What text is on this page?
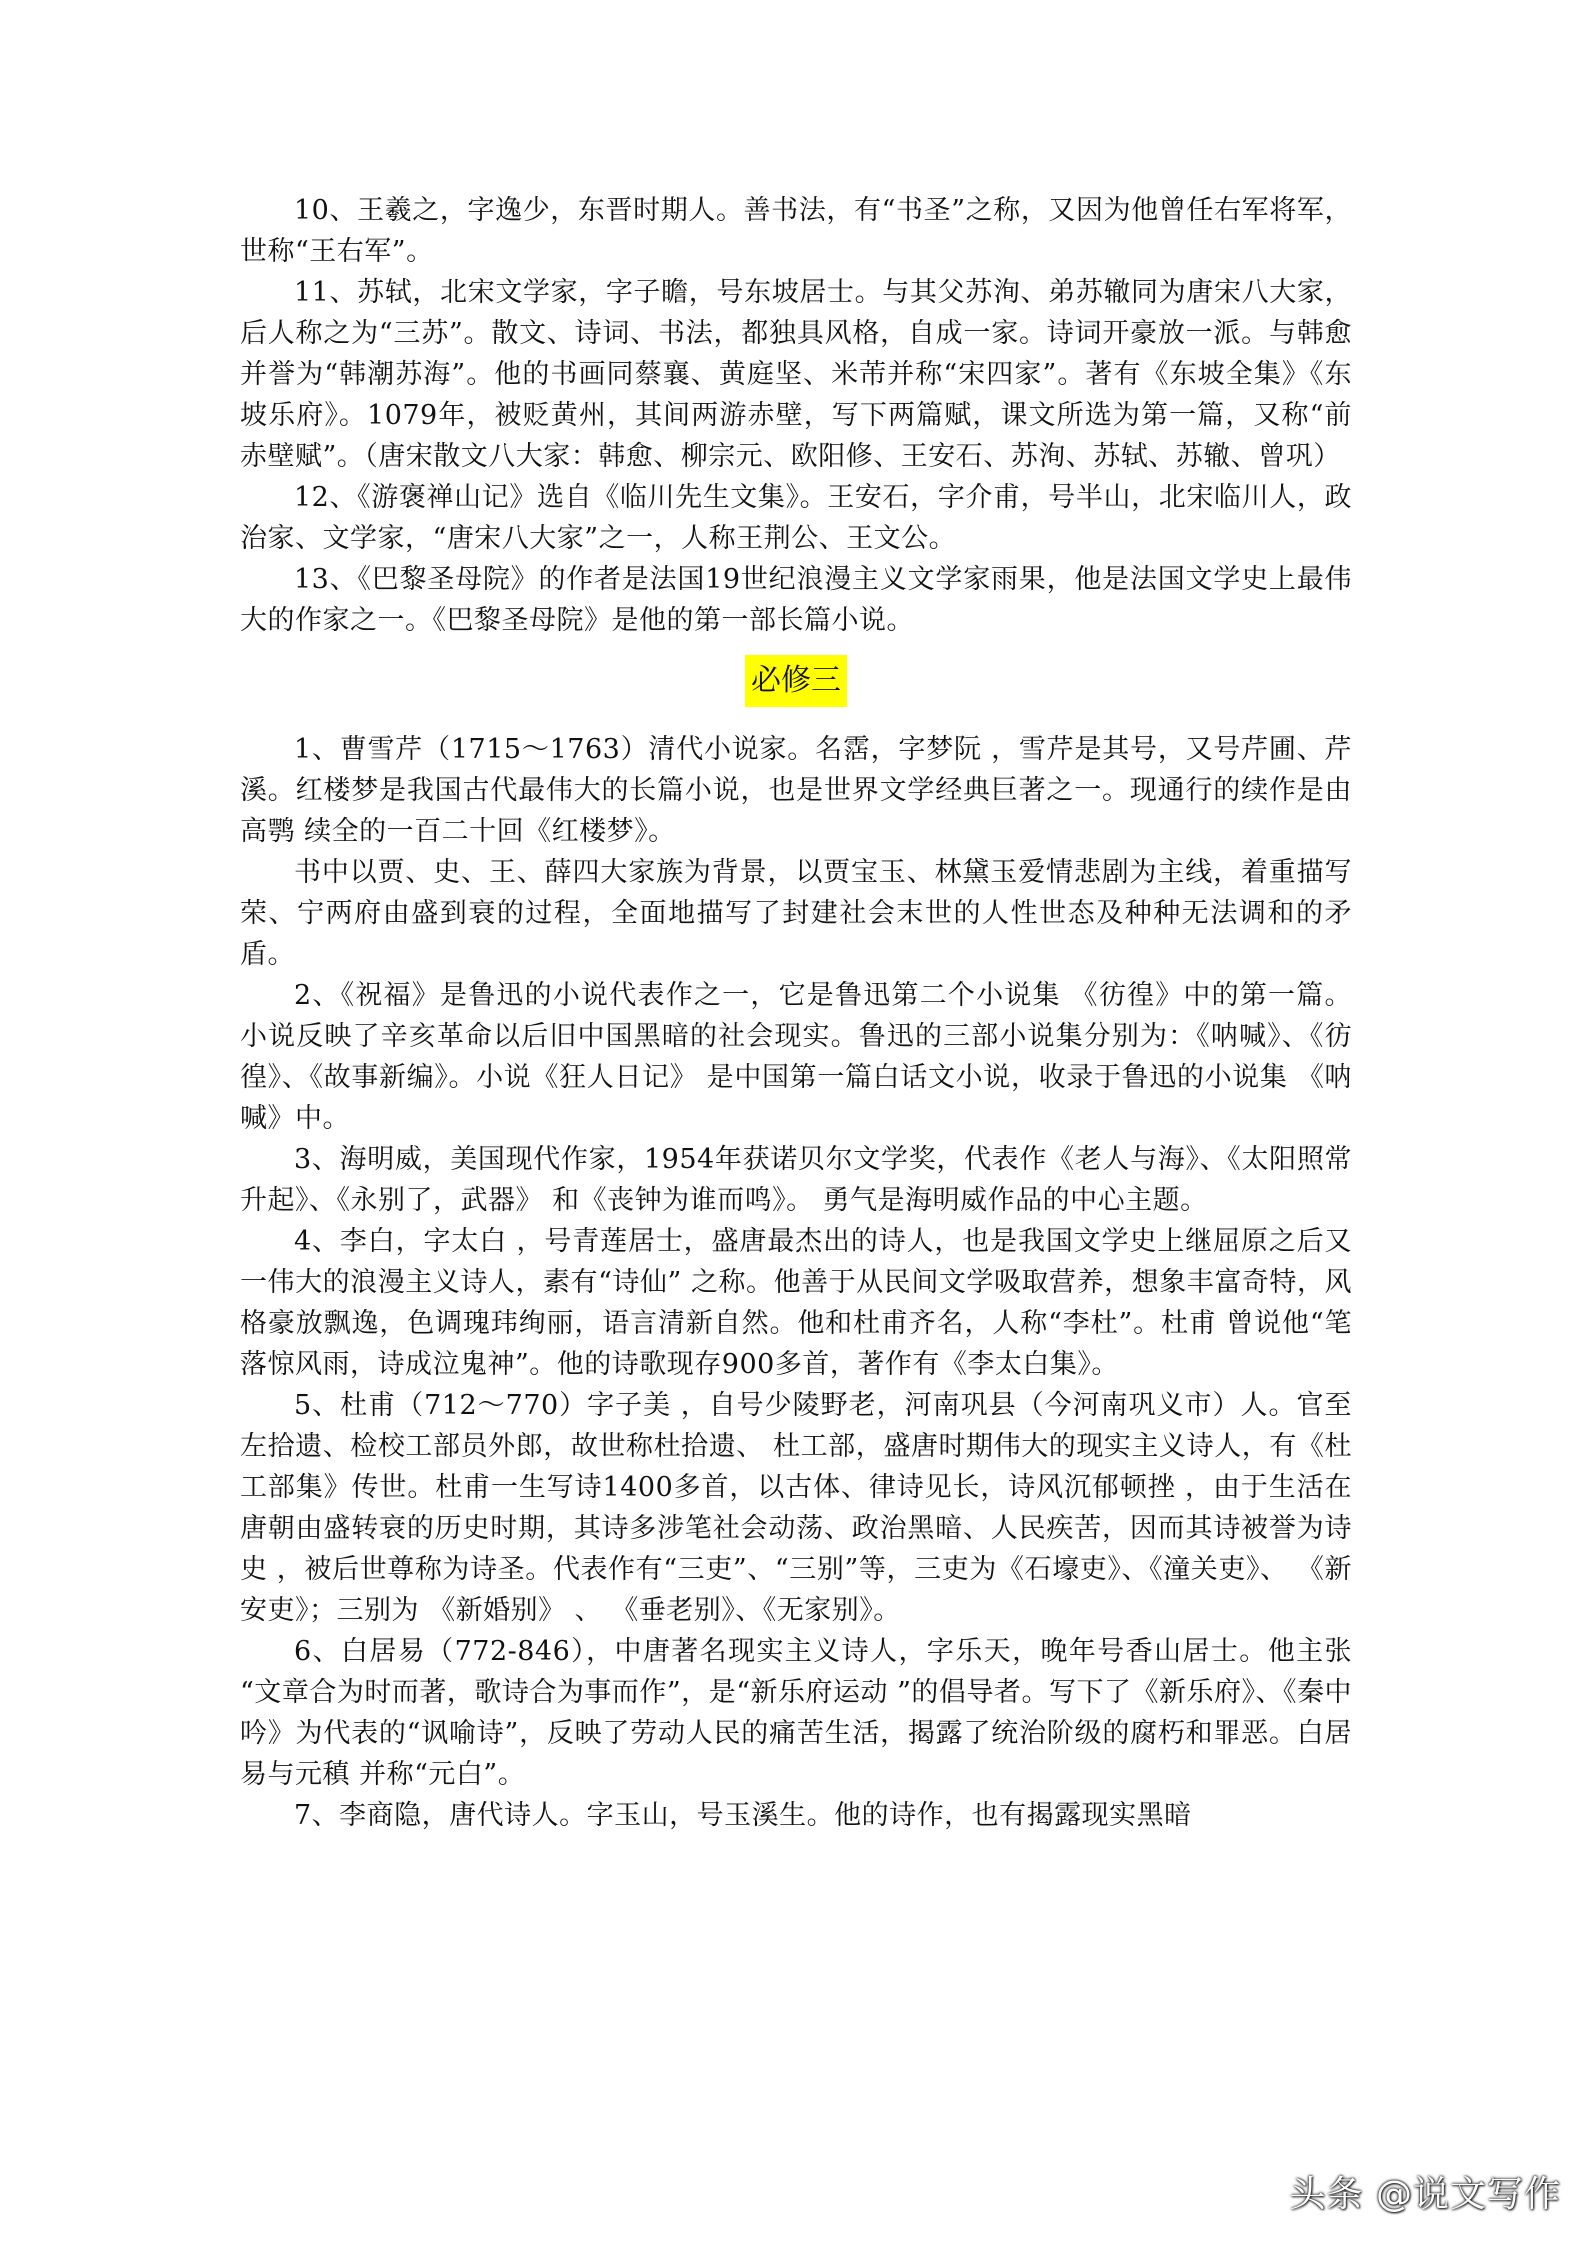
10、王羲之，字逸少，东晋时期人。善书法，有“书圣”之称，又因为他曾任右军将军，世称“王右军”。

11、苏轼，北宋文学家，字子瞻，号东坡居士。与其父苏洵、弟苏辙同为唐宋八大家，后人称之为“三苏”。散文、诗词、书法，都独具风格，自成一家。诗词开豪放一派。与韩愈并誉为“韩潮苏海”。他的书画同蔡襄、黄庭坚、米芾并称“宋四家”。著有《东坡全集》《东坡乐府》。1079年，被贬黄州，其间两游赤壁，写下两篇赋，课文所选为第一篇，又称“前赤壁赋”。（唐宋散文八大家：韩愈、柳宗元、欧阳修、王安石、苏洵、苏轼、苏辙、曾巩）

12、《游褒禅山记》选自《临川先生文集》。王安石，字介甫，号半山，北宋临川人，政治家、文学家，“唐宋八大家”之一，人称王荆公、王文公。

13、《巴黎圣母院》的作者是法国19世纪浪漫主义文学家雨果，他是法国文学史上最伟大的作家之一。《巴黎圣母院》是他的第一部长篇小说。

必修三

1、曹雪芹（1715～1763）清代小说家。名霑，字梦阮 ，雪芹是其号，又号芹圃、芹溪。红楼梦是我国古代最伟大的长篇小说，也是世界文学经典巨著之一。现通行的续作是由高鹗 续全的一百二十回《红楼梦》。

书中以贾、史、王、薛四大家族为背景，以贾宝玉、林黛玉爱情悲剧为主线，着重描写荣、宁两府由盛到衰的过程，全面地描写了封建社会末世的人性世态及种种无法调和的矛盾。

2、《祝福》是鲁迅的小说代表作之一，它是鲁迅第二个小说集 《彷徨》中的第一篇。小说反映了辛亥革命以后旧中国黑暗的社会现实。鲁迅的三部小说集分别为：《呐喊》、《彷徨》、《故事新编》。小说《狂人日记》 是中国第一篇白话文小说，收录于鲁迅的小说集 《呐喊》中。

3、海明威，美国现代作家，1954年获诺贝尔文学奖，代表作《老人与海》、《太阳照常升起》、《永别了，武器》 和《丧钟为谁而鸣》。 勇气是海明威作品的中心主题。

4、李白，字太白 ，号青莲居士，盛唐最杰出的诗人，也是我国文学史上继屈原之后又一伟大的浪漫主义诗人，素有“诗仙” 之称。他善于从民间文学吸取营养，想象丰富奇特，风格豪放飘逸，色调瑰玮绚丽，语言清新自然。他和杜甫齐名，人称“李杜”。杜甫 曾说他“笔落惊风雨，诗成泣鬼神”。他的诗歌现存900多首，著作有《李太白集》。

5、杜甫（712～770）字子美 ，自号少陵野老，河南巩县（今河南巩义市）人。官至左拾遗、检校工部员外郎，故世称杜拾遗、 杜工部，盛唐时期伟大的现实主义诗人，有《杜工部集》传世。杜甫一生写诗1400多首，以古体、律诗见长，诗风沉郁顿挫 ，由于生活在唐朝由盛转衰的历史时期，其诗多涉笔社会动荡、政治黑暗、人民疾苦，因而其诗被誉为诗史 ，被后世尊称为诗圣。代表作有“三吏”、“三别”等，三吏为《石壕吏》、《潼关吏》、 《新安吏》；三别为 《新婚别》 、 《垂老别》、《无家别》。

6、白居易（772-846），中唐著名现实主义诗人，字乐天，晚年号香山居士。他主张 “文章合为时而著，歌诗合为事而作”，是“新乐府运动 ”的倡导者。写下了《新乐府》、《秦中吟》为代表的“讽喻诗”，反映了劳动人民的痛苦生活，揭露了统治阶级的腐朽和罪恶。白居易与元稹 并称“元白”。

7、李商隐，唐代诗人。字玉山，号玉溪生。他的诗作，也有揭露现实黑暗

头条 @说文写作
